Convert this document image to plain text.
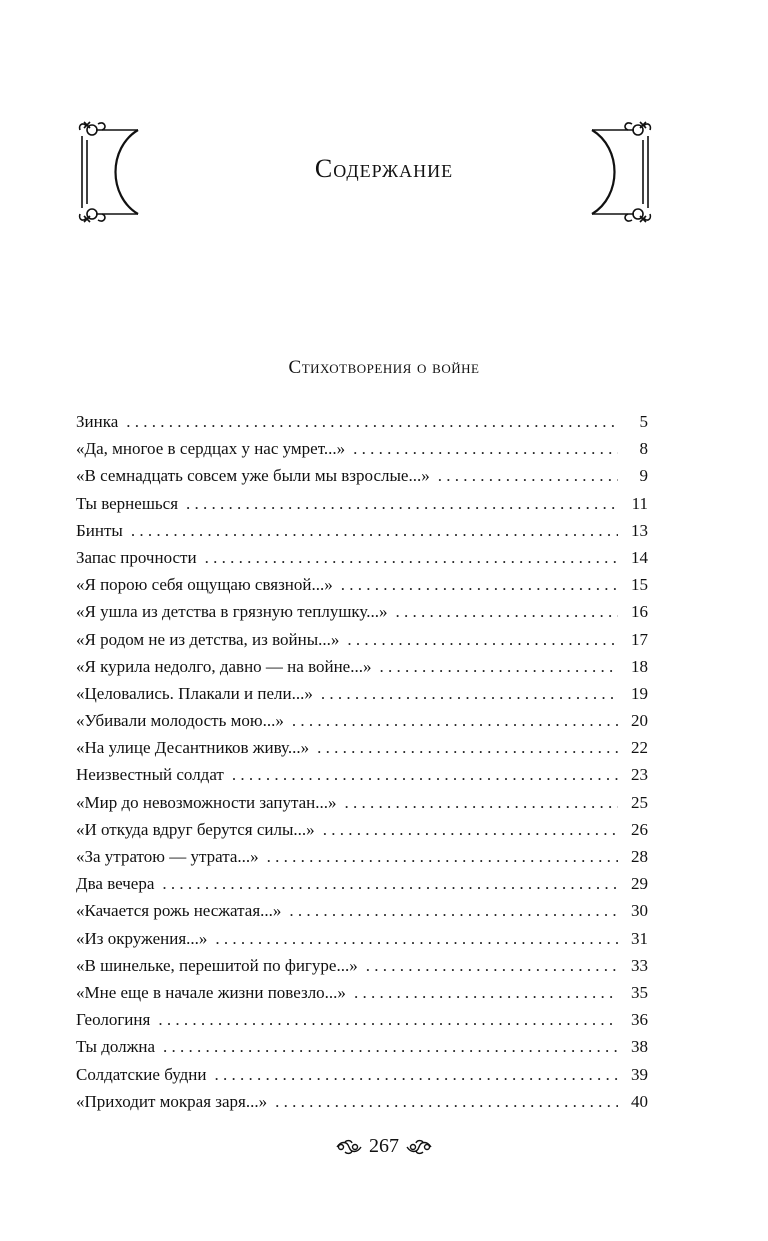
Содержание
Стихотворения о войне
Зинка . . .	5
«Да, многое в сердцах у нас умрет...» . . .	8
«В семнадцать совсем уже были мы взрослые...» . . .	9
Ты вернешься . . .	11
Бинты . . .	13
Запас прочности . . .	14
«Я порою себя ощущаю связной...» . . .	15
«Я ушла из детства в грязную теплушку...» . . .	16
«Я родом не из детства, из войны...» . . .	17
«Я курила недолго, давно — на войне...» . . .	18
«Целовались. Плакали и пели...» . . .	19
«Убивали молодость мою...» . . .	20
«На улице Десантников живу...» . . .	22
Неизвестный солдат . . .	23
«Мир до невозможности запутан...» . . .	25
«И откуда вдруг берутся силы...» . . .	26
«За утратою — утрата...» . . .	28
Два вечера . . .	29
«Качается рожь несжатая...» . . .	30
«Из окружения...» . . .	31
«В шинельке, перешитой по фигуре...» . . .	33
«Мне еще в начале жизни повезло...» . . .	35
Геологиня . . .	36
Ты должна . . .	38
Солдатские будни . . .	39
«Приходит мокрая заря...» . . .	40
267
